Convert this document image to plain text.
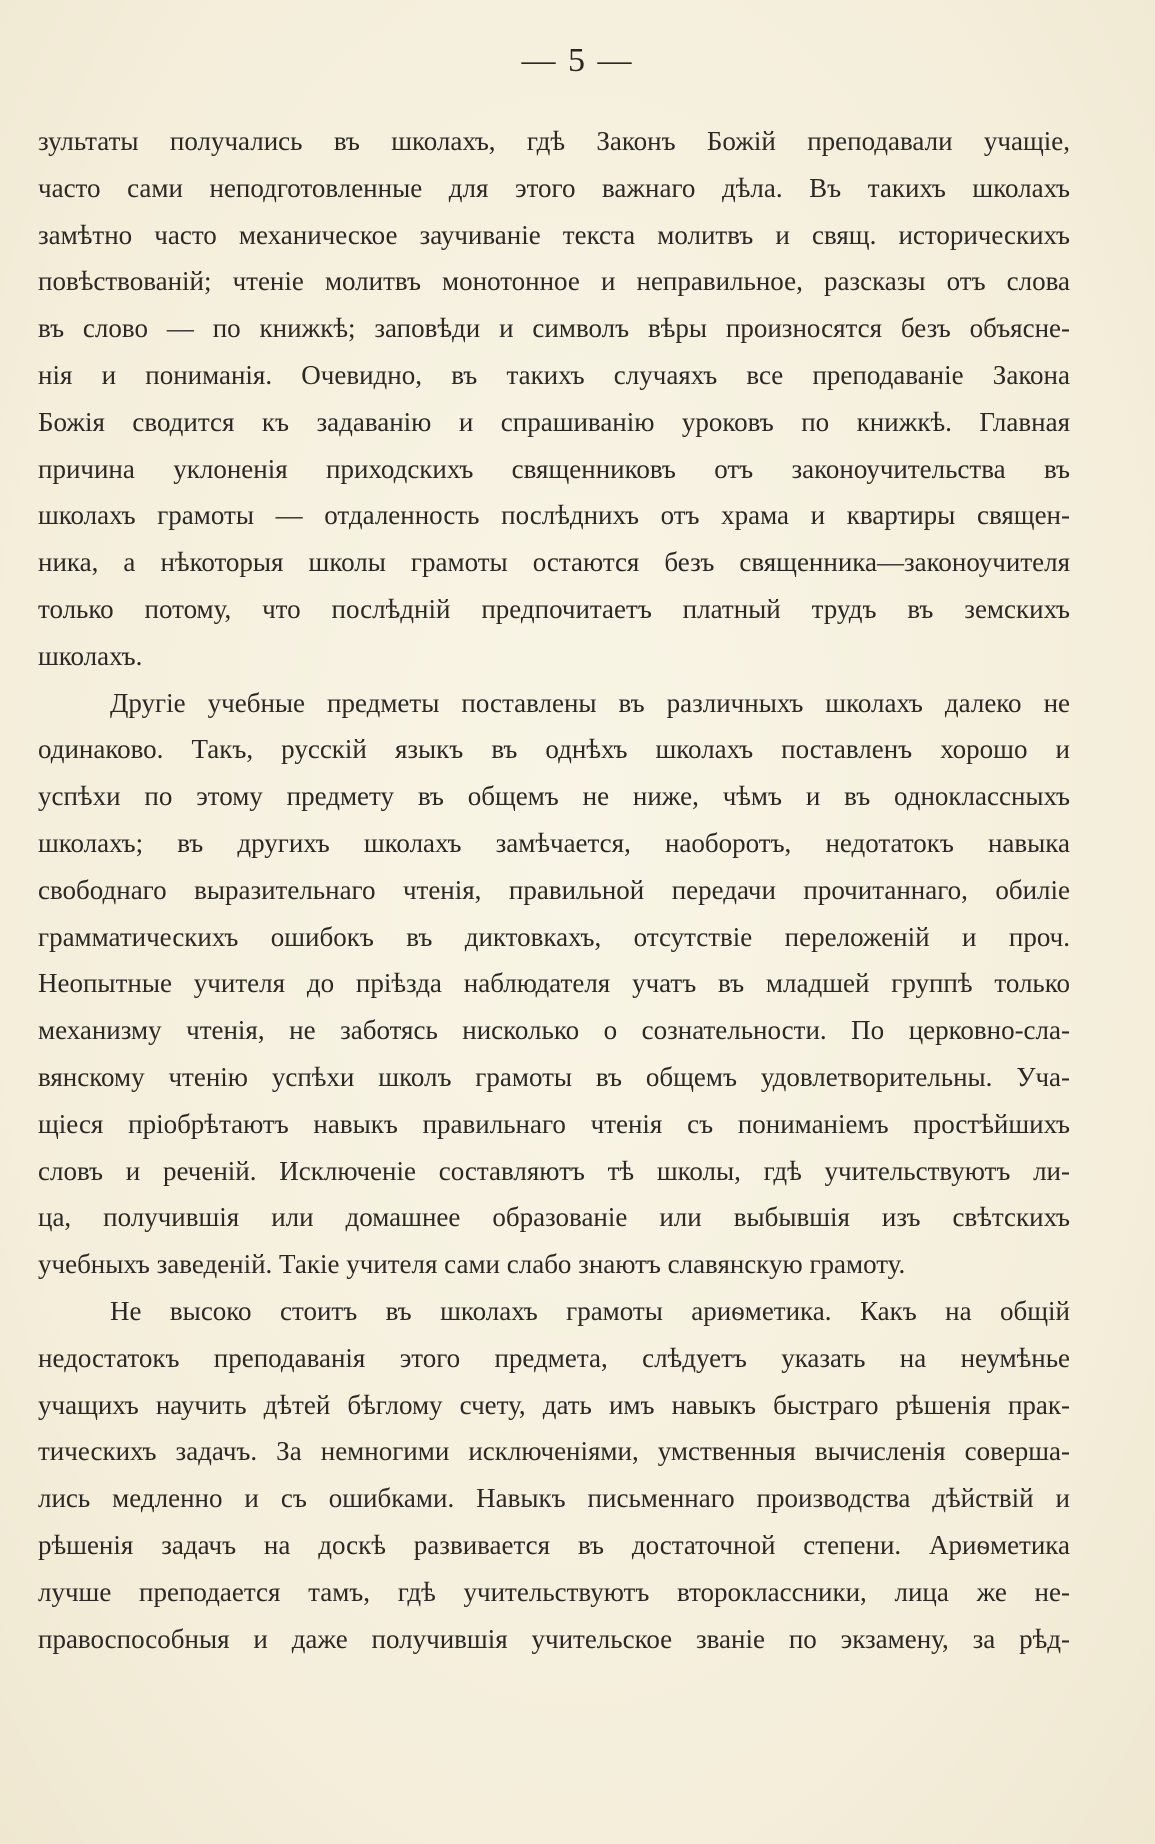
— 5 —
зультаты получались въ школахъ, гдѣ Законъ Божій преподавали учащіе,
часто сами неподготовленные для этого важнаго дѣла. Въ такихъ школахъ
замѣтно часто механическое заучиваніе текста молитвъ и свящ. историческихъ
повѣствованій; чтеніе молитвъ монотонное и неправильное, разсказы отъ слова
въ слово — по книжкѣ; заповѣди и символъ вѣры произносятся безъ объясне-
нія и пониманія. Очевидно, въ такихъ случаяхъ все преподаваніе Закона
Божія сводится къ задаванію и спрашиванію уроковъ по книжкѣ. Главная
причина уклоненія приходскихъ священниковъ отъ законоучительства въ
школахъ грамоты — отдаленность послѣднихъ отъ храма и квартиры священ-
ника, а нѣкоторыя школы грамоты остаются безъ священника—законоучителя
только потому, что послѣдній предпочитаетъ платный трудъ въ земскихъ
школахъ.
Другіе учебные предметы поставлены въ различныхъ школахъ далеко не
одинаково. Такъ, русскій языкъ въ однѣхъ школахъ поставленъ хорошо и
успѣхи по этому предмету въ общемъ не ниже, чѣмъ и въ одноклассныхъ
школахъ; въ другихъ школахъ замѣчается, наоборотъ, недотатокъ навыка
свободнаго выразительнаго чтенія, правильной передачи прочитаннаго, обиліе
грамматическихъ ошибокъ въ диктовкахъ, отсутствіе переложеній и проч.
Неопытные учителя до пріѣзда наблюдателя учатъ въ младшей группѣ только
механизму чтенія, не заботясь нисколько о сознательности. По церковно-сла-
вянскому чтенію успѣхи школъ грамоты въ общемъ удовлетворительны. Уча-
щіеся пріобрѣтаютъ навыкъ правильнаго чтенія съ пониманіемъ простѣйшихъ
словъ и реченій. Исключеніе составляютъ тѣ школы, гдѣ учительствуютъ ли-
ца, получившія или домашнее образованіе или выбывшія изъ свѣтскихъ
учебныхъ заведеній. Такіе учителя сами слабо знаютъ славянскую грамоту.
Не высоко стоитъ въ школахъ грамоты ариѳметика. Какъ на общій
недостатокъ преподаванія этого предмета, слѣдуетъ указать на неумѣнье
учащихъ научить дѣтей бѣглому счету, дать имъ навыкъ быстраго рѣшенія прак-
тическихъ задачъ. За немногими исключеніями, умственныя вычисленія соверша-
лись медленно и съ ошибками. Навыкъ письменнаго производства дѣйствій и
рѣшенія задачъ на доскѣ развивается въ достаточной степени. Ариѳметика
лучше преподается тамъ, гдѣ учительствуютъ второклассники, лица же не-
правоспособныя и даже получившія учительское званіе по экзамену, за рѣд-
